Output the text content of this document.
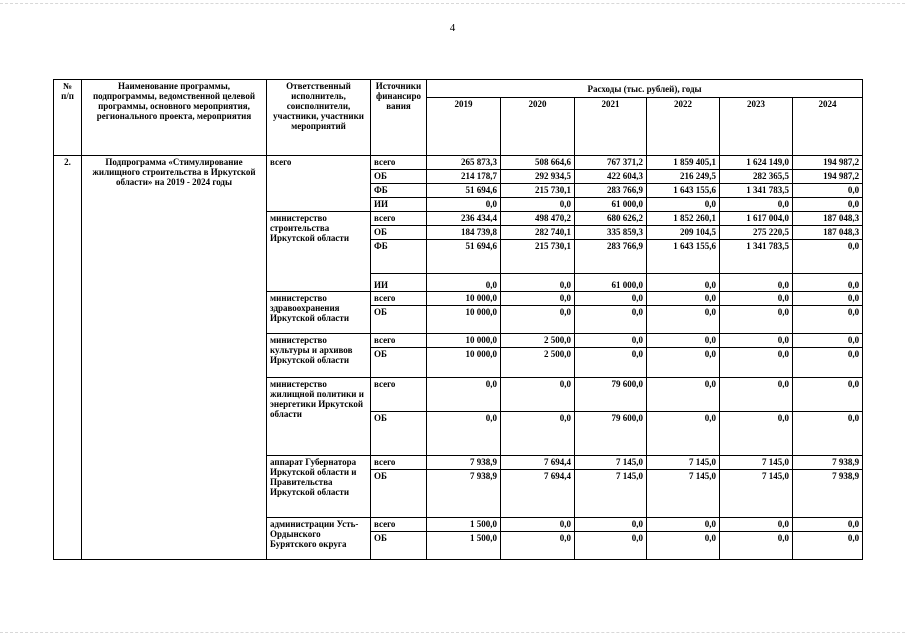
4
№
п/п	Наименование программы, подпрограммы, ведомственной целевой программы, основного мероприятия, регионального проекта, мероприятия	Ответственный исполнитель, соисполнители, участники, участники мероприятий	Источники финансиро вания	Расходы (тыс. рублей), годы					
				2019	2020	2021	2022	2023	2024
2.	Подпрограмма «Стимулирование жилищного строительства в Иркутской области» на 2019 - 2024 годы	всего	всего	265 873,3	508 664,6	767 371,2	1 859 405,1	1 624 149,0	194 987,2
			ОБ	214 178,7	292 934,5	422 604,3	216 249,5	282 365,5	194 987,2
			ФБ	51 694,6	215 730,1	283 766,9	1 643 155,6	1 341 783,5	0,0
			ИИ	0,0	0,0	61 000,0	0,0	0,0	0,0
		министерство строительства Иркутской области	всего	236 434,4	498 470,2	680 626,2	1 852 260,1	1 617 004,0	187 048,3
			ОБ	184 739,8	282 740,1	335 859,3	209 104,5	275 220,5	187 048,3
			ФБ	51 694,6	215 730,1	283 766,9	1 643 155,6	1 341 783,5	0,0
			ИИ	0,0	0,0	61 000,0	0,0	0,0	0,0
		министерство здравоохранения Иркутской области	всего	10 000,0	0,0	0,0	0,0	0,0	0,0
			ОБ	10 000,0	0,0	0,0	0,0	0,0	0,0
		министерство культуры и архивов Иркутской области	всего	10 000,0	2 500,0	0,0	0,0	0,0	0,0
			ОБ	10 000,0	2 500,0	0,0	0,0	0,0	0,0
		министерство жилищной политики и энергетики Иркутской области	всего	0,0	0,0	79 600,0	0,0	0,0	0,0
			ОБ	0,0	0,0	79 600,0	0,0	0,0	0,0
		аппарат Губернатора Иркутской области и Правительства Иркутской области	всего	7 938,9	7 694,4	7 145,0	7 145,0	7 145,0	7 938,9
			ОБ	7 938,9	7 694,4	7 145,0	7 145,0	7 145,0	7 938,9
		администрации Усть-Ордынского Бурятского округа	всего	1 500,0	0,0	0,0	0,0	0,0	0,0
			ОБ	1 500,0	0,0	0,0	0,0	0,0	0,0
